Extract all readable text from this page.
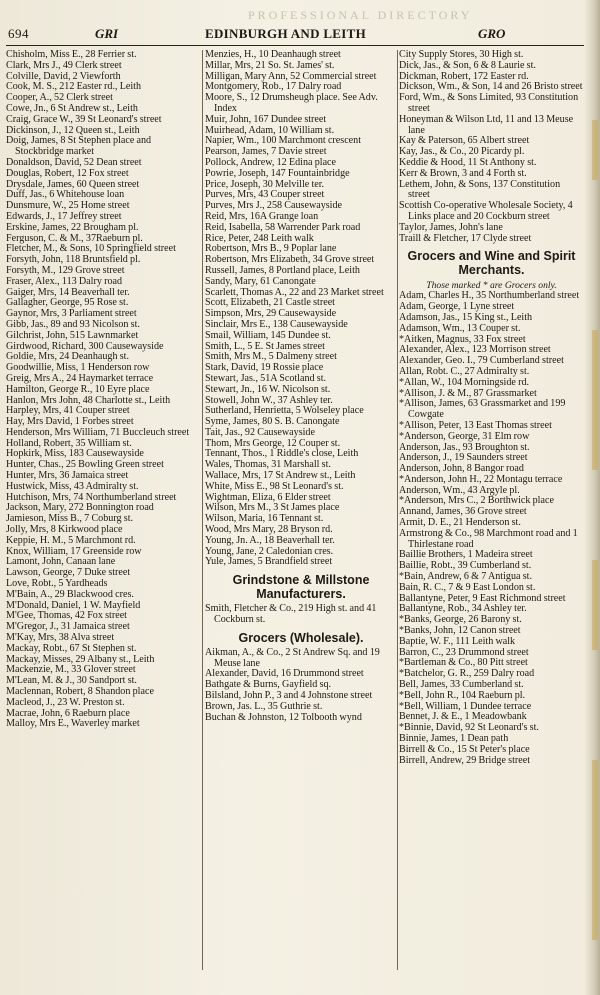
PROFESSIONAL DIRECTORY
694	GRI	EDINBURGH AND LEITH	GRO
Chisholm, Miss E., 28 Ferrier st.
Clark, Mrs J., 49 Clerk street
Colville, David, 2 Viewforth
Cook, M. S., 212 Easter rd., Leith
Cooper, A., 52 Clerk street
Cowe, Jn., 6 St Andrew st., Leith
Craig, Grace W., 39 St Leonard's street
Dickinson, J., 12 Queen st., Leith
Doig, James, 8 St Stephen place and Stockbridge market
Donaldson, David, 52 Dean street
Douglas, Robert, 12 Fox street
Drysdale, James, 60 Queen street
Duff, Jas., 6 Whitehouse loan
Dunsmure, W., 25 Home street
Edwards, J., 17 Jeffrey street
Erskine, James, 22 Brougham pl.
Ferguson, C. & M., 37Raeburn pl.
Fletcher, M., & Sons, 10 Springfield street
Forsyth, John, 118 Bruntsfield pl.
Forsyth, M., 129 Grove street
Fraser, Alex., 113 Dalry road
Gaiger, Mrs, 14 Beaverhall ter.
Gallagher, George, 95 Rose st.
Gaynor, Mrs, 3 Parliament street
Gibb, Jas., 89 and 93 Nicolson st.
Gilchrist, John, 515 Lawnmarket
Girdwood, Richard, 300 Causewayside
Goldie, Mrs, 24 Deanhaugh st.
Goodwillie, Miss, 1 Henderson row
Greig, Mrs A., 24 Haymarket terrace
Hamilton, George R., 10 Eyre place
Hanlon, Mrs John, 48 Charlotte st., Leith
Harpley, Mrs, 41 Couper street
Hay, Mrs David, 1 Forbes street
Henderson, Mrs William, 71 Buccleuch street
Holland, Robert, 35 William st.
Hopkirk, Miss, 183 Causewayside
Hunter, Chas., 25 Bowling Green street
Hunter, Mrs, 36 Jamaica street
Hustwick, Miss, 43 Admiralty st.
Hutchison, Mrs, 74 Northumberland street
Jackson, Mary, 272 Bonnington road
Jamieson, Miss B., 7 Coburg st.
Jolly, Mrs, 8 Kirkwood place
Keppie, H. M., 5 Marchmont rd.
Knox, William, 17 Greenside row
Lamont, John, Canaan lane
Lawson, George, 7 Duke street
Love, Robt., 5 Yardheads
M'Bain, A., 29 Blackwood cres.
M'Donald, Daniel, 1 W. Mayfield
M'Gee, Thomas, 42 Fox street
M'Gregor, J., 31 Jamaica street
M'Kay, Mrs, 38 Alva street
Mackay, Robt., 67 St Stephen st.
Mackay, Misses, 29 Albany st., Leith
Mackenzie, M., 33 Glover street
M'Lean, M. & J., 30 Sandport st.
Maclennan, Robert, 8 Shandon place
Macleod, J., 23 W. Preston st.
Macrae, John, 6 Raeburn place
Malloy, Mrs E., Waverley market
Menzies, H., 10 Deanhaugh street
Millar, Mrs, 21 So. St. James' st.
Milligan, Mary Ann, 52 Commercial street
Montgomery, Rob., 17 Dalry road
Moore, S., 12 Drumsheugh place. See Adv. Index
Muir, John, 167 Dundee street
Muirhead, Adam, 10 William st.
Napier, Wm., 100 Marchmont crescent
Pearson, James, 7 Davie street
Pollock, Andrew, 12 Edina place
Powrie, Joseph, 147 Fountainbridge
Price, Joseph, 30 Melville ter.
Purves, Mrs, 43 Couper street
Purves, Mrs J., 258 Causewayside
Reid, Mrs, 16A Grange loan
Reid, Isabella, 58 Warrender Park road
Rice, Peter, 248 Leith walk
Robertson, Mrs B., 9 Poplar lane
Robertson, Mrs Elizabeth, 34 Grove street
Russell, James, 8 Portland place, Leith
Sandy, Mary, 61 Canongate
Scarlett, Thomas A., 22 and 23 Market street
Scott, Elizabeth, 21 Castle street
Simpson, Mrs, 29 Causewayside
Sinclair, Mrs E., 138 Causewayside
Smail, William, 145 Dundee st.
Smith, L., 5 E. St James street
Smith, Mrs M., 5 Dalmeny street
Stark, David, 19 Rossie place
Stewart, Jas., 51A Scotland st.
Stewart, Jn., 16 W. Nicolson st.
Stowell, John W., 37 Ashley ter.
Sutherland, Henrietta, 5 Wolseley place
Syme, James, 80 S. B. Canongate
Tait, Jas., 92 Causewayside
Thom, Mrs George, 12 Couper st.
Tennant, Thos., 1 Riddle's close, Leith
Wales, Thomas, 31 Marshall st.
Wallace, Mrs, 17 St Andrew st., Leith
White, Miss E., 98 St Leonard's st.
Wightman, Eliza, 6 Elder street
Wilson, Mrs M., 3 St James place
Wilson, Maria, 16 Tennant st.
Wood, Mrs Mary, 28 Bryson rd.
Young, Jn. A., 18 Beaverhall ter.
Young, Jane, 2 Caledonian cres.
Yule, James, 5 Brandfield street
Grindstone & Millstone Manufacturers.
Smith, Fletcher & Co., 219 High st. and 41 Cockburn st.
Grocers (Wholesale).
Aikman, A., & Co., 2 St Andrew Sq. and 19 Meuse lane
Alexander, David, 16 Drummond street
Bathgate & Burns, Gayfield sq.
Bilsland, John P., 3 and 4 Johnstone street
Brown, Jas. L., 35 Guthrie st.
Buchan & Johnston, 12 Tolbooth wynd
City Supply Stores, 30 High st.
Dick, Jas., & Son, 6 & 8 Laurie st.
Dickman, Robert, 172 Easter rd.
Dickson, Wm., & Son, 14 and 26 Bristo street
Ford, Wm., & Sons Limited, 93 Constitution street
Honeyman & Wilson Ltd, 11 and 13 Meuse lane
Kay & Paterson, 65 Albert street
Kay, Jas., & Co., 20 Picardy pl.
Keddie & Hood, 11 St Anthony st.
Kerr & Brown, 3 and 4 Forth st.
Lethem, John, & Sons, 137 Constitution street
Scottish Co-operative Wholesale Society, 4 Links place and 20 Cockburn street
Taylor, James, John's lane
Traill & Fletcher, 17 Clyde street
Grocers and Wine and Spirit Merchants.
Those marked * are Grocers only.
Adam, Charles H., 35 Northumberland street
Adam, George, 1 Lyne street
Adamson, Jas., 15 King st., Leith
Adamson, Wm., 13 Couper st.
*Aitken, Magnus, 33 Fox street
Alexander, Alex., 123 Morrison street
Alexander, Geo. I., 79 Cumberland street
Allan, Robt. C., 27 Admiralty st.
*Allan, W., 104 Morningside rd.
*Allison, J. & M., 87 Grassmarket
*Allison, James, 63 Grassmarket and 199 Cowgate
*Allison, Peter, 13 East Thomas street
*Anderson, George, 31 Elm row
Anderson, Jas., 93 Broughton st.
Anderson, J., 19 Saunders street
Anderson, John, 8 Bangor road
*Anderson, John H., 22 Montagu terrace
Anderson, Wm., 43 Argyle pl.
*Anderson, Mrs C., 2 Borthwick place
Annand, James, 36 Grove street
Armit, D. E., 21 Henderson st.
Armstrong & Co., 98 Marchmont road and 1 Thirlestane road
Baillie Brothers, 1 Madeira street
Baillie, Robt., 39 Cumberland st.
*Bain, Andrew, 6 & 7 Antigua st.
Bain, R. C., 7 & 9 East London st.
Ballantyne, Peter, 9 East Richmond street
Ballantyne, Rob., 34 Ashley ter.
*Banks, George, 26 Barony st.
*Banks, John, 12 Canon street
Baptie, W. F., 111 Leith walk
Barron, C., 23 Drummond street
*Bartleman & Co., 80 Pitt street
*Batchelor, G. R., 259 Dalry road
Bell, James, 33 Cumberland st.
*Bell, John R., 104 Raeburn pl.
*Bell, William, 1 Dundee terrace
Bennet, J. & E., 1 Meadowbank
*Binnie, David, 92 St Leonard's st.
Binnie, James, 1 Dean path
Birrell & Co., 15 St Peter's place
Birrell, Andrew, 29 Bridge street
